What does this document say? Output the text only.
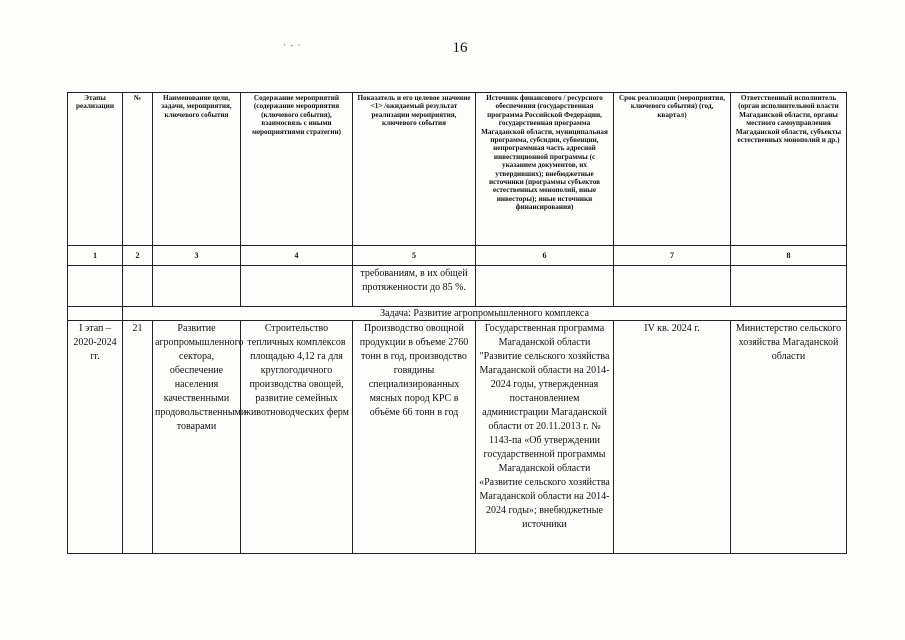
16
· - ·
Этапы реализации	№	Наименование цели, задачи, мероприятия, ключевого события	Содержание мероприятий (содержание мероприятия (ключевого события), взаимосвязь с иными мероприятиями стратегии)	Показатель и его целевое значение <1> /ожидаемый результат реализации мероприятия, ключевого события	Источник финансового / ресурсного обеспечения (государственная программа Российской Федерации, государственная программа Магаданской области, муниципальная программа, субсидии, субвенции, непрограммная часть адресной инвестиционной программы (с указанием документов, их утвердивших); внебюджетные источники (программы субъектов естественных монополий, иные инвесторы); иные источники финансирования)	Срок реализации (мероприятия, ключевого события) (год, квартал)	Ответственный исполнитель (орган исполнительной власти Магаданской области, органы местного самоуправления Магаданской области, субъекты естественных монополий и др.)
1	2	3	4	5	6	7	8
				требованиям, в их общей протяженности до 85 %.			
	Задача: Развитие агропромышленного комплекса						
I этап – 2020-2024 гг.	21	Развитие агропромышленного сектора, обеспечение населения качественными продовольственными товарами	Строительство тепличных комплексов площадью 4,12 га для круглогодичного производства овощей, развитие семейных животноводческих ферм	Производство овощной продукции в объеме 2760 тонн в год, производство говядины специализированных мясных пород КРС в объёме 66 тонн в год	Государственная программа Магаданской области "Развитие сельского хозяйства Магаданской области на 2014-2024 годы, утвержденная постановлением администрации Магаданской области от 20.11.2013 г. № 1143-па «Об утверждении государственной программы Магаданской области «Развитие сельского хозяйства Магаданской области на 2014-2024 годы»; внебюджетные источники	IV кв. 2024 г.	Министерство сельского хозяйства Магаданской области
